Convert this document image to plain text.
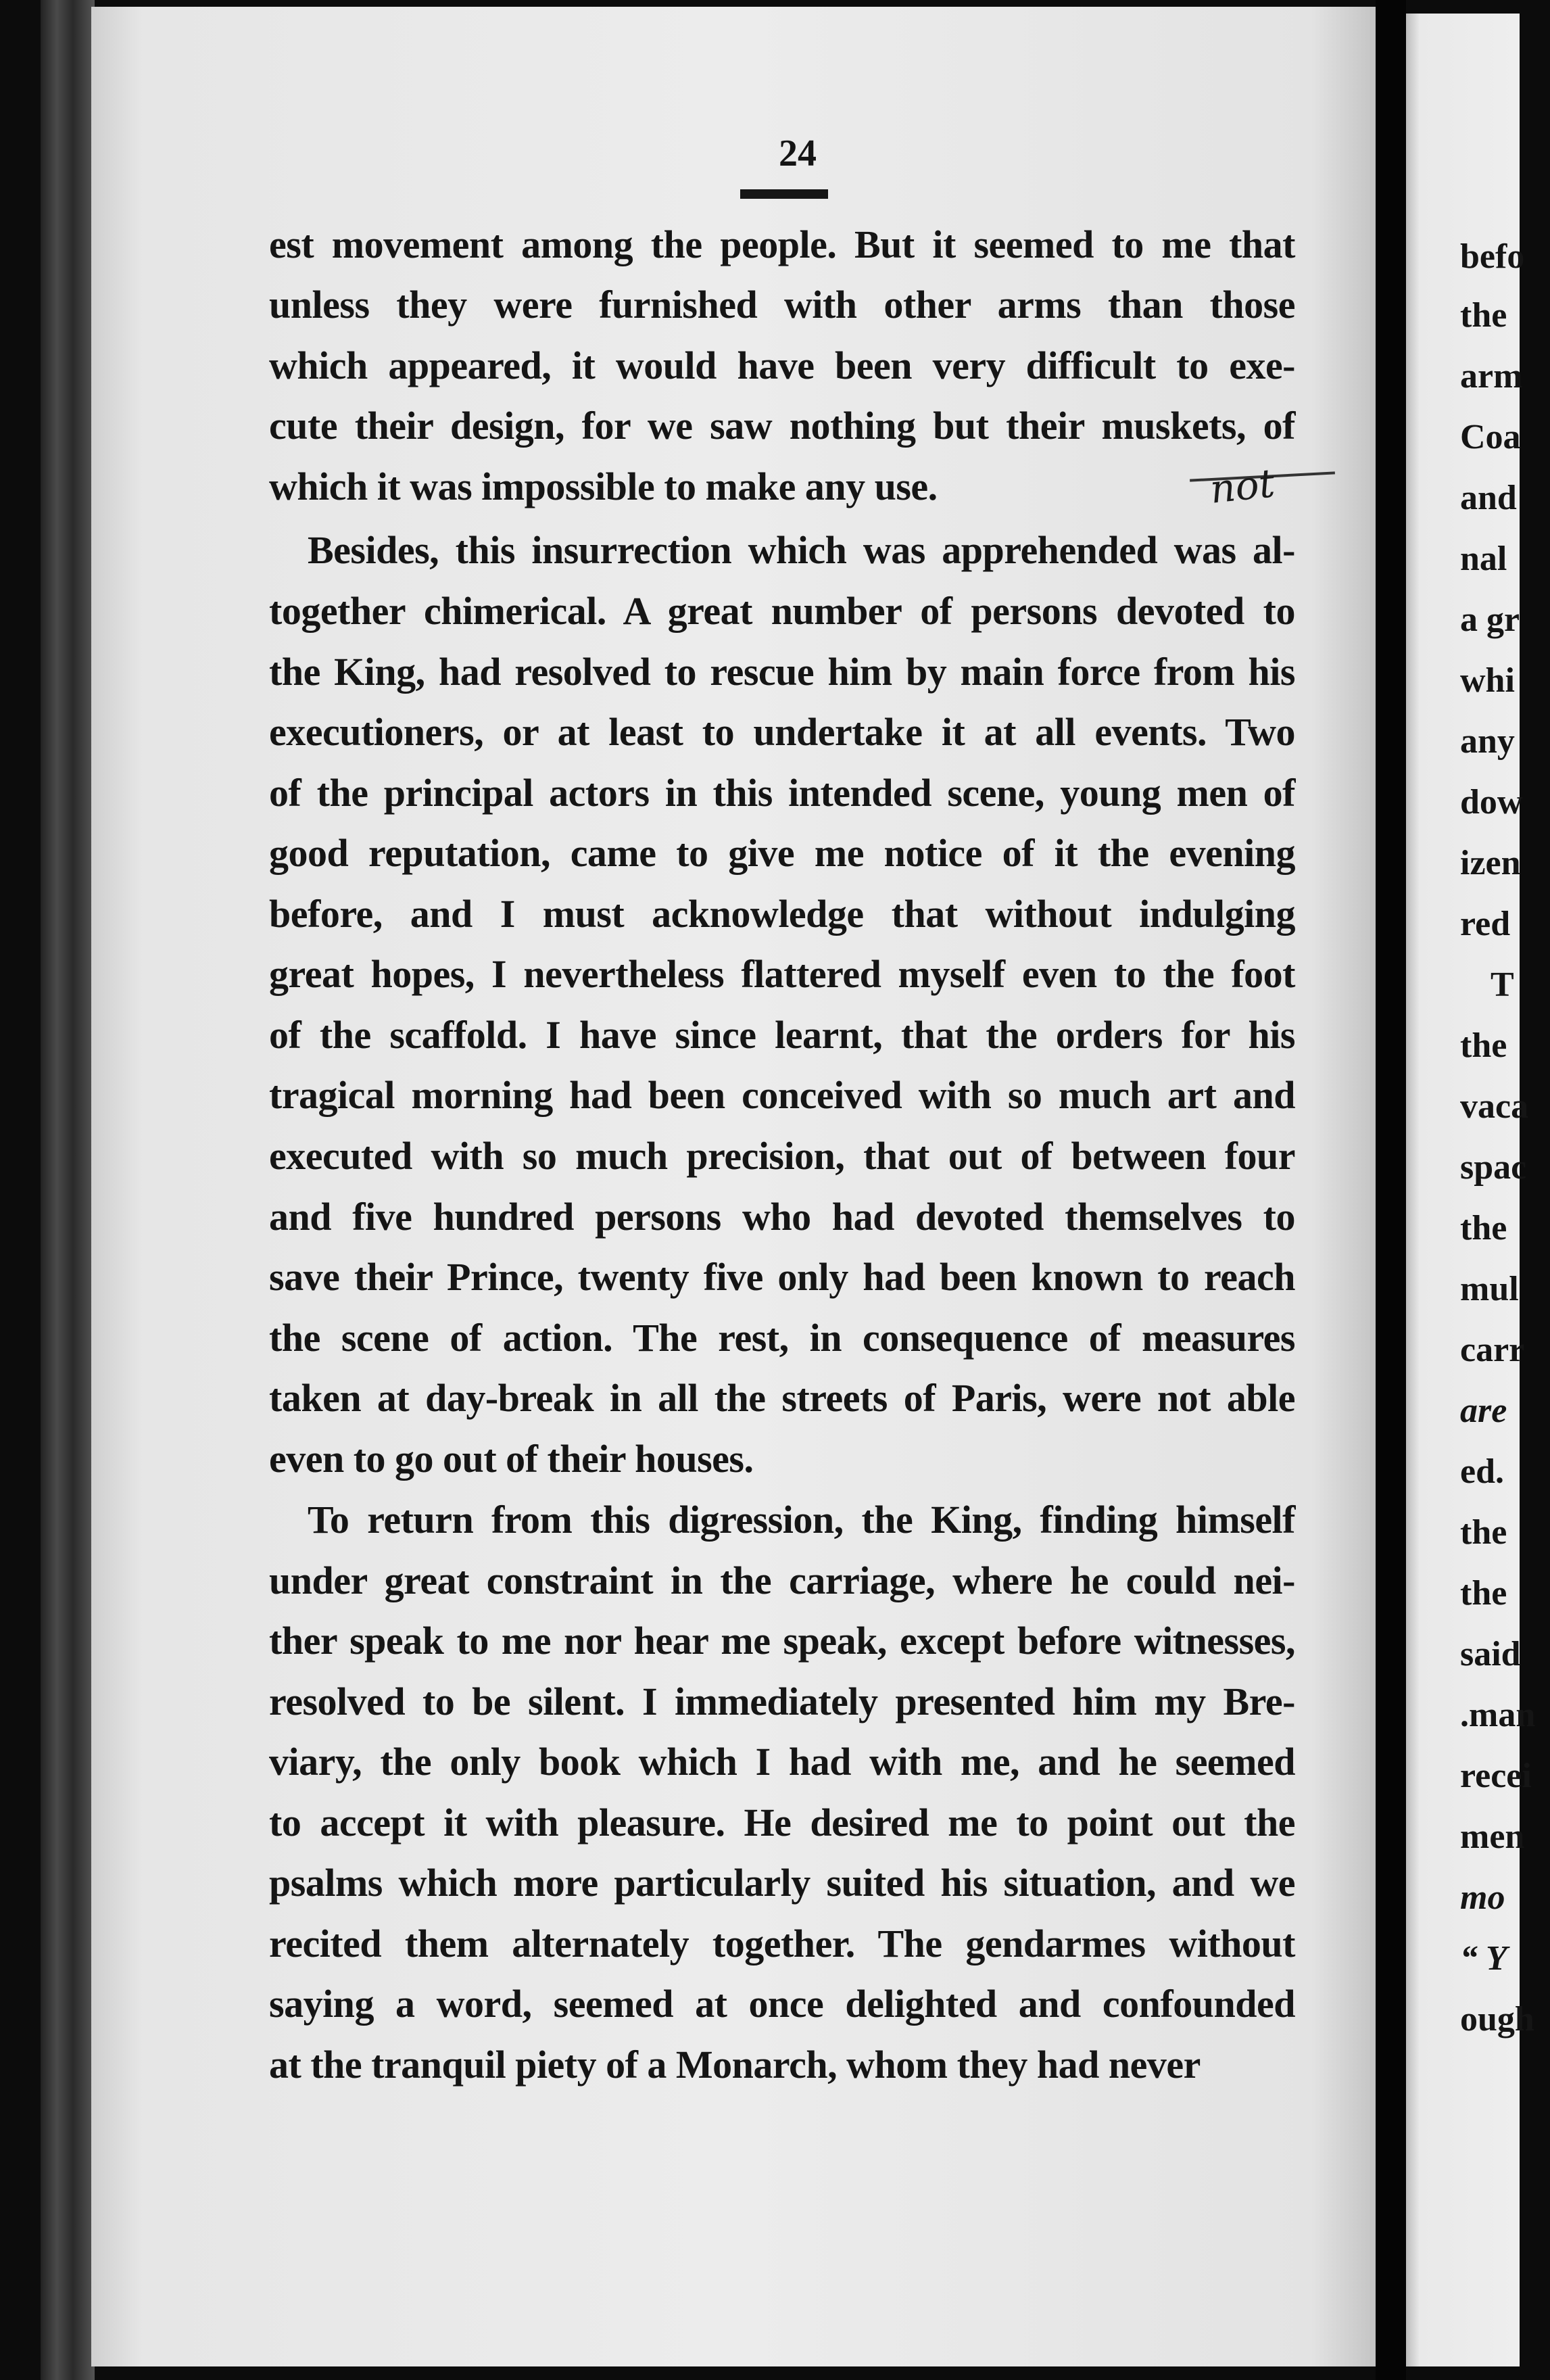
24
est movement among the people. But it seemed to me that
unless they were furnished with other arms than those
which appeared, it would have been very difficult to exe-
cute their design, for we saw nothing but their muskets, of
which it was impossible to make any use.
Besides, this insurrection which was apprehended was al-
together chimerical. A great number of persons devoted to
the King, had resolved to rescue him by main force from his
executioners, or at least to undertake it at all events. Two
of the principal actors in this intended scene, young men of
good reputation, came to give me notice of it the evening
before, and I must acknowledge that without indulging
great hopes, I nevertheless flattered myself even to the foot
of the scaffold. I have since learnt, that the orders for his
tragical morning had been conceived with so much art and
executed with so much precision, that out of between four
and five hundred persons who had devoted themselves to
save their Prince, twenty five only had been known to reach
the scene of action. The rest, in consequence of measures
taken at day-break in all the streets of Paris, were not able
even to go out of their houses.
To return from this digression, the King, finding himself
under great constraint in the carriage, where he could nei-
ther speak to me nor hear me speak, except before witnesses,
resolved to be silent. I immediately presented him my Bre-
viary, the only book which I had with me, and he seemed
to accept it with pleasure. He desired me to point out the
psalms which more particularly suited his situation, and we
recited them alternately together. The gendarmes without
saying a word, seemed at once delighted and confounded
at the tranquil piety of a Monarch, whom they had never
not
befo
the
arm
Coa
and
nal
a gr
whi
any
dow
izen
red
T
the
vaca
spac
the
mul
carr
are
ed.
the
the
said
.man
recei
men
mo
“ Y
ough
